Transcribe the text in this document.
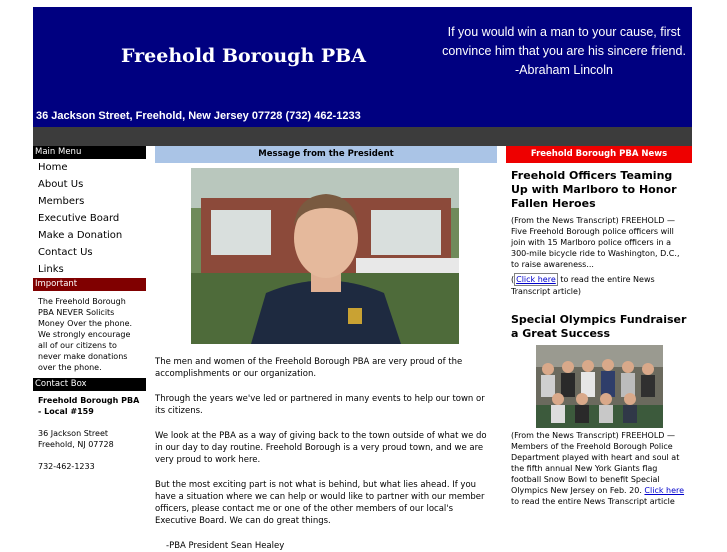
Freehold Borough PBA
If you would win a man to your cause, first convince him that you are his sincere friend.
-Abraham Lincoln
36 Jackson Street, Freehold, New Jersey 07728 (732) 462-1233
Main Menu
Home
About Us
Members
Executive Board
Make a Donation
Contact Us
Links
Important

The Freehold Borough PBA NEVER Solicits Money Over the phone. We strongly encourage all of our citizens to never make donations over the phone.

Contact Box

Freehold Borough PBA - Local #159

36 Jackson Street

Freehold, NJ 07728

732-462-1233

Message from the President

The men and women of the Freehold Borough PBA are very proud of the accomplishments or our organization.

Through the years we've led or partnered in many events to help our town or its citizens.

We look at the PBA as a way of giving back to the town outside of what we do in our day to day routine. Freehold Borough is a very proud town, and we are very proud to work here.

But the most exciting part is not what is behind, but what lies ahead. If you have a situation where we can help or would like to partner with our member officers, please contact me or one of the other members of our local's Executive Board. We can do great things.

-PBA President Sean Healey

Freehold Borough PBA News
Freehold Officers Teaming Up with Marlboro to Honor Fallen Heroes

(From the News Transcript) FREEHOLD — Five Freehold Borough police officers will join with 15 Marlboro police officers in a 300-mile bicycle ride to Washington, D.C., to raise awareness...

( Click here to read the entire News Transcript article)

Special Olympics Fundraiser a Great Success

(From the News Transcript) FREEHOLD — Members of the Freehold Borough Police Department played with heart and soul at the fifth annual New York Giants flag football Snow Bowl to benefit Special Olympics New Jersey on Feb. 20. Click here to read the entire News Transcript article
